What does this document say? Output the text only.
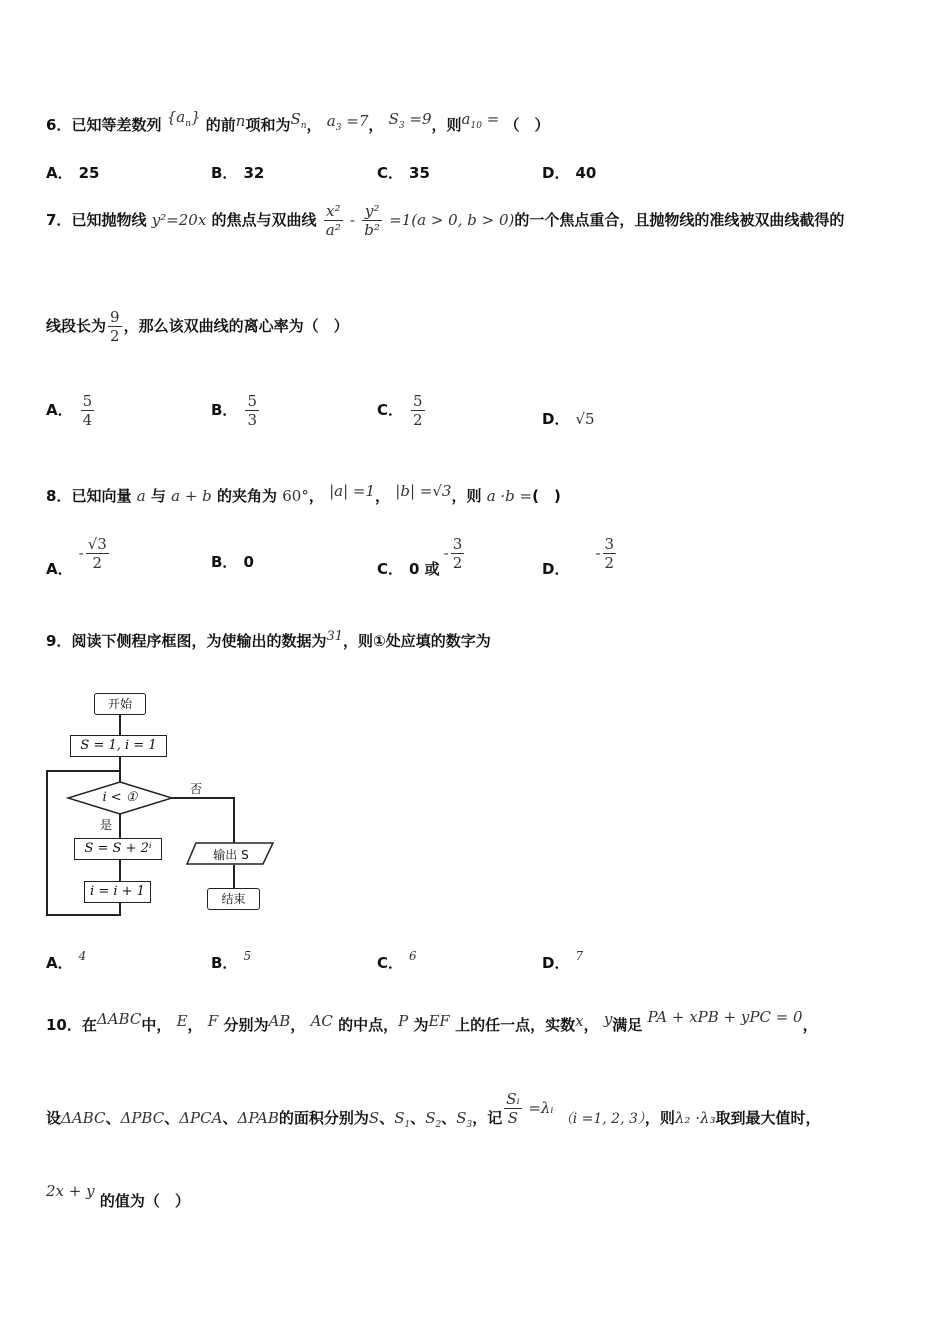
6．已知等差数列 $\{a_n\}$ 的前n项和为$S_n$， $a_3 =7$， $S_3 =9$，则$a_{10}$ = （　）
A． 25	B． 32	C． 35	D． 40
7．已知抛物线 y²=20x 的焦点与双曲线 $\frac{\text{x²}}{\text{a²}} - \frac{\text{y²}}{\text{b²}} =1(a > 0$, b > 0)的一个焦点重合，且抛物线的准线被双曲线截得的
线段长为 $\frac{9}{2}$ ，那么该双曲线的离心率为（　）
A． $\frac{5}{4}$	B． $\frac{5}{3}$	C． $\frac{5}{2}$	D． √5
8．已知向量 a 与 a + b 的夹角为 60°， |a| =1， |b| =√3，则 a ·b =(　)
A．- $\frac{√3}{2}$	B． 0	C． 0 或- $\frac{3}{2}$	D．- $\frac{3}{2}$
9．阅读下侧程序框图，为使输出的数据为31，则①处应填的数字为
开始
S = 1, i = 1
i < ①
否
是
S = S + 2ⁱ	输出 S
i = i + 1	结束
A． $^4$	B． $^5$	C． $^6$	D． $^7$
10．在ΔABC中， E， F 分别为AB， AC 的中点，P 为EF 上的任一点，实数x， y满足 PA + xPB + yPC = 0，
设ΔABC、ΔPBC、ΔPCA、ΔPAB的面积分别为S、$S_1$、$S_2$、$S_3$，记 $\frac{\text{Sᵢ}}{S}$ =λᵢ （i =1, 2, 3），则λ₂ ·λ₃取到最大值时，
2x + y 的值为（　）
